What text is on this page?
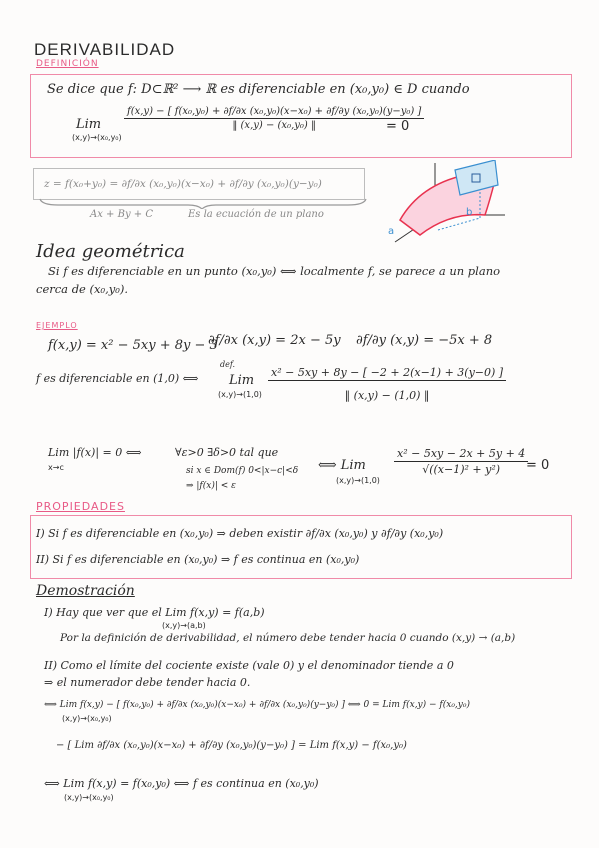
DERIVABILIDAD
DEFINICIÓN
Se dice que f: D⊂ℝ² ⟶ ℝ es diferenciable en (x₀,y₀) ∈ D cuando
Lim
(x,y)→(x₀,y₀)
f(x,y) − [ f(x₀,y₀) + ∂f/∂x (x₀,y₀)(x−x₀) + ∂f/∂y (x₀,y₀)(y−y₀) ]
‖ (x,y) − (x₀,y₀) ‖	= 0
z = f(x₀+y₀) = ∂f/∂x (x₀,y₀)(x−x₀) + ∂f/∂y (x₀,y₀)(y−y₀)
Ax + By + C	Es la ecuación de un plano
a
b
Idea geométrica
Si f es diferenciable en un punto (x₀,y₀) ⟺ localmente f, se parece a un plano
cerca de (x₀,y₀).
EJEMPLO
f(x,y) = x² − 5xy + 8y − 3
∂f/∂x (x,y) = 2x − 5y ∂f/∂y (x,y) = −5x + 8
def.
f es diferenciable en (1,0) ⟺ Lim
$(x,y)\to(1,0) \frac{\text{x² − 5xy + 8y − [ −2 + 2(x−1) + 3(y−0) ]}}{‖ (x,y) - (1,0) ‖}$
Lim |f(x)| = 0 ⟺
x→c
∀ε>0 ∃δ>0 tal que
si x ∈ Dom(f) 0<|x−c|<δ
⇒ |f(x)| < ε
⟺ Lim
(x,y)→(1,0)
$\frac{\text{x² − 5xy − 2x + 5y + 4}}{\text{√((x−1)² + y²)}}$
= 0
PROPIEDADES
I) Si f es diferenciable en (x₀,y₀) ⇒ deben existir ∂f/∂x (x₀,y₀) y ∂f/∂y (x₀,y₀)
II) Si f es diferenciable en (x₀,y₀) ⇒ f es continua en (x₀,y₀)
Demostración
I) Hay que ver que el Lim f(x,y) = f(a,b)
(x,y)→(a,b)
Por la definición de derivabilidad, el número debe tender hacia 0 cuando (x,y) → (a,b)
II) Como el límite del cociente existe (vale 0) y el denominador tiende a 0
⇒ el numerador debe tender hacia 0.
⟺ Lim f(x,y) − [ f(x₀,y₀) + ∂f/∂x (x₀,y₀)(x−x₀) + ∂f/∂x (x₀,y₀)(y−y₀) ] ⟺ 0 = Lim f(x,y) − f(x₀,y₀)
(x,y)→(x₀,y₀)
− [ Lim ∂f/∂x (x₀,y₀)(x−x₀) + ∂f/∂y (x₀,y₀)(y−y₀) ] = Lim f(x,y) − f(x₀,y₀)
⟺ Lim f(x,y) = f(x₀,y₀) ⟺ f es continua en (x₀,y₀)
(x,y)→(x₀,y₀)
